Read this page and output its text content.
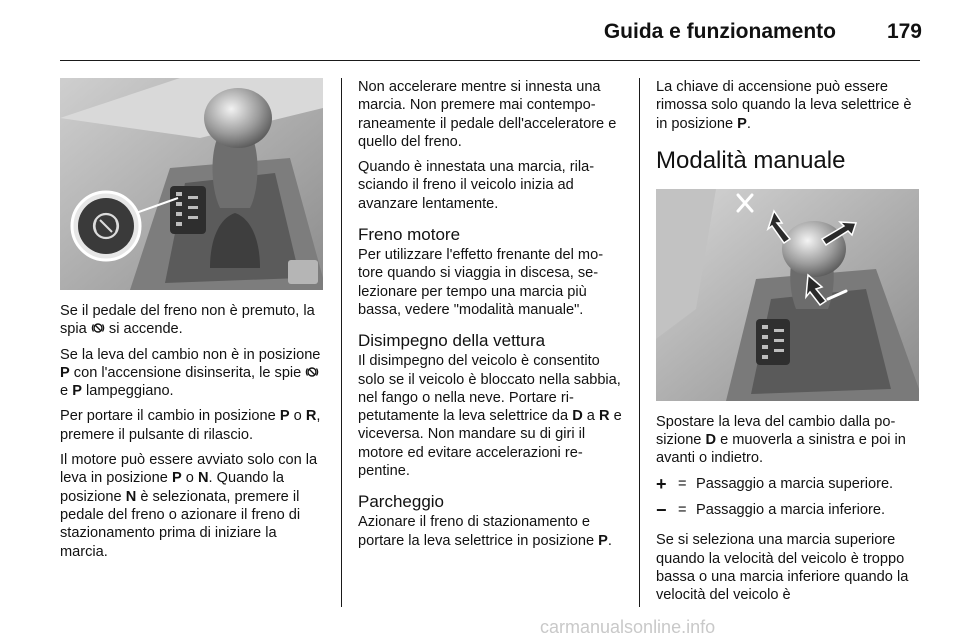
Guida e funzionamento	179

Se il pedale del freno non è premuto, la spia si accende.

Se la leva del cambio non è in posizione P con l'accensione disinserita, le spie  e P lampeggiano.

Per portare il cambio in posizione P o R, premere il pulsante di rilascio.

Il motore può essere avviato solo con la leva in posizione P o N. Quando la posizione N è selezionata, premere il pedale del freno o azionare il freno di stazionamento prima di iniziare la marcia.

Non accelerare mentre si innesta una marcia. Non premere mai contemporaneamente il pedale dell'acceleratore e quello del freno.

Quando è innestata una marcia, rilasciando il freno il veicolo inizia ad avanzare lentamente.

Freno motore

Per utilizzare l'effetto frenante del motore quando si viaggia in discesa, selezionare per tempo una marcia più bassa, vedere "modalità manuale".

Disimpegno della vettura

Il disimpegno del veicolo è consentito solo se il veicolo è bloccato nella sabbia, nel fango o nella neve. Portare ripetutamente la leva selettrice da D a R e viceversa. Non mandare su di giri il motore ed evitare accelerazioni repentine.

Parcheggio

Azionare il freno di stazionamento e portare la leva selettrice in posizione P.

La chiave di accensione può essere rimossa solo quando la leva selettrice è in posizione P.

Modalità manuale

Spostare la leva del cambio dalla posizione D e muoverla a sinistra e poi in avanti o indietro.

+ = Passaggio a marcia superiore.
− = Passaggio a marcia inferiore.

Se si seleziona una marcia superiore quando la velocità del veicolo è troppo bassa o una marcia inferiore quando la velocità del veicolo è

carmanualsonline.info
